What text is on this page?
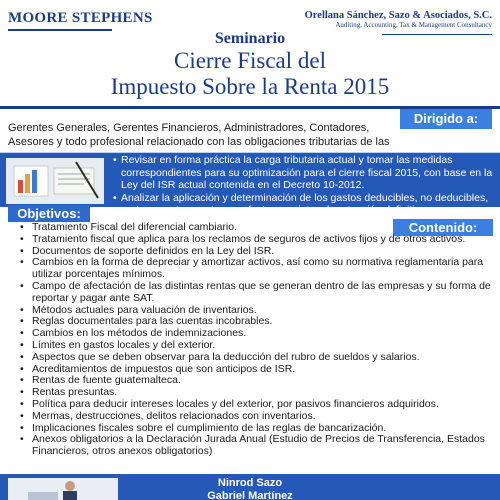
MOORE STEPHENS	Orellana Sánchez, Sazo & Asociados, S.C.
Auditing, Accounting, Tax & Management Consultancy
Seminario
Cierre Fiscal del
Impuesto Sobre la Renta 2015
Dirigido a:
Gerentes Generales, Gerentes Financieros, Administradores, Contadores, Asesores y todo profesional relacionado con las obligaciones tributarias de las
• Revisar en forma práctica la carga tributaria actual y tomar las medidas correspondientes para su optimización para el cierre fiscal 2015, con base en la Ley del ISR actual contenida en el Decreto 10-2012.
• Analizar la aplicación y determinación de los gastos deducibles, no deducibles, rentas exentas, rentas no afectas y sujetas de retención definitiva.
Objetivos:
Contenido:
• Tratamiento Fiscal del diferencial cambiario.
• Tratamiento fiscal que aplica para los reclamos de seguros de activos fijos y de otros activos.
• Documentos de soporte definidos en la Ley del ISR.
• Cambios en la forma de depreciar y amortizar activos, así como su normativa reglamentaria para utilizar porcentajes mínimos.
• Campo de afectación de las distintas rentas que se generan dentro de las empresas y su forma de reportar y pagar ante SAT.
• Métodos actuales para valuación de inventarios.
• Reglas documentales para las cuentas incobrables.
• Cambios en los métodos de indemnizaciones.
• Límites en gastos locales y del exterior.
• Aspectos que se deben observar para la deducción del rubro de sueldos y salarios.
• Acreditamientos de impuestos que son anticipos de ISR.
• Rentas de fuente guatemalteca.
• Rentas presuntas.
• Política para deducir intereses locales y del exterior, por pasivos financieros adquiridos.
• Mermas, destrucciones, delitos relacionados con inventarios.
• Implicaciones fiscales sobre el cumplimiento de las reglas de bancarización.
• Anexos obligatorios a la Declaración Jurada Anual (Estudio de Precios de Transferencia, Estados Financieros, otros anexos obligatorios)
Ninrod Sazo
Gabriel Martínez
